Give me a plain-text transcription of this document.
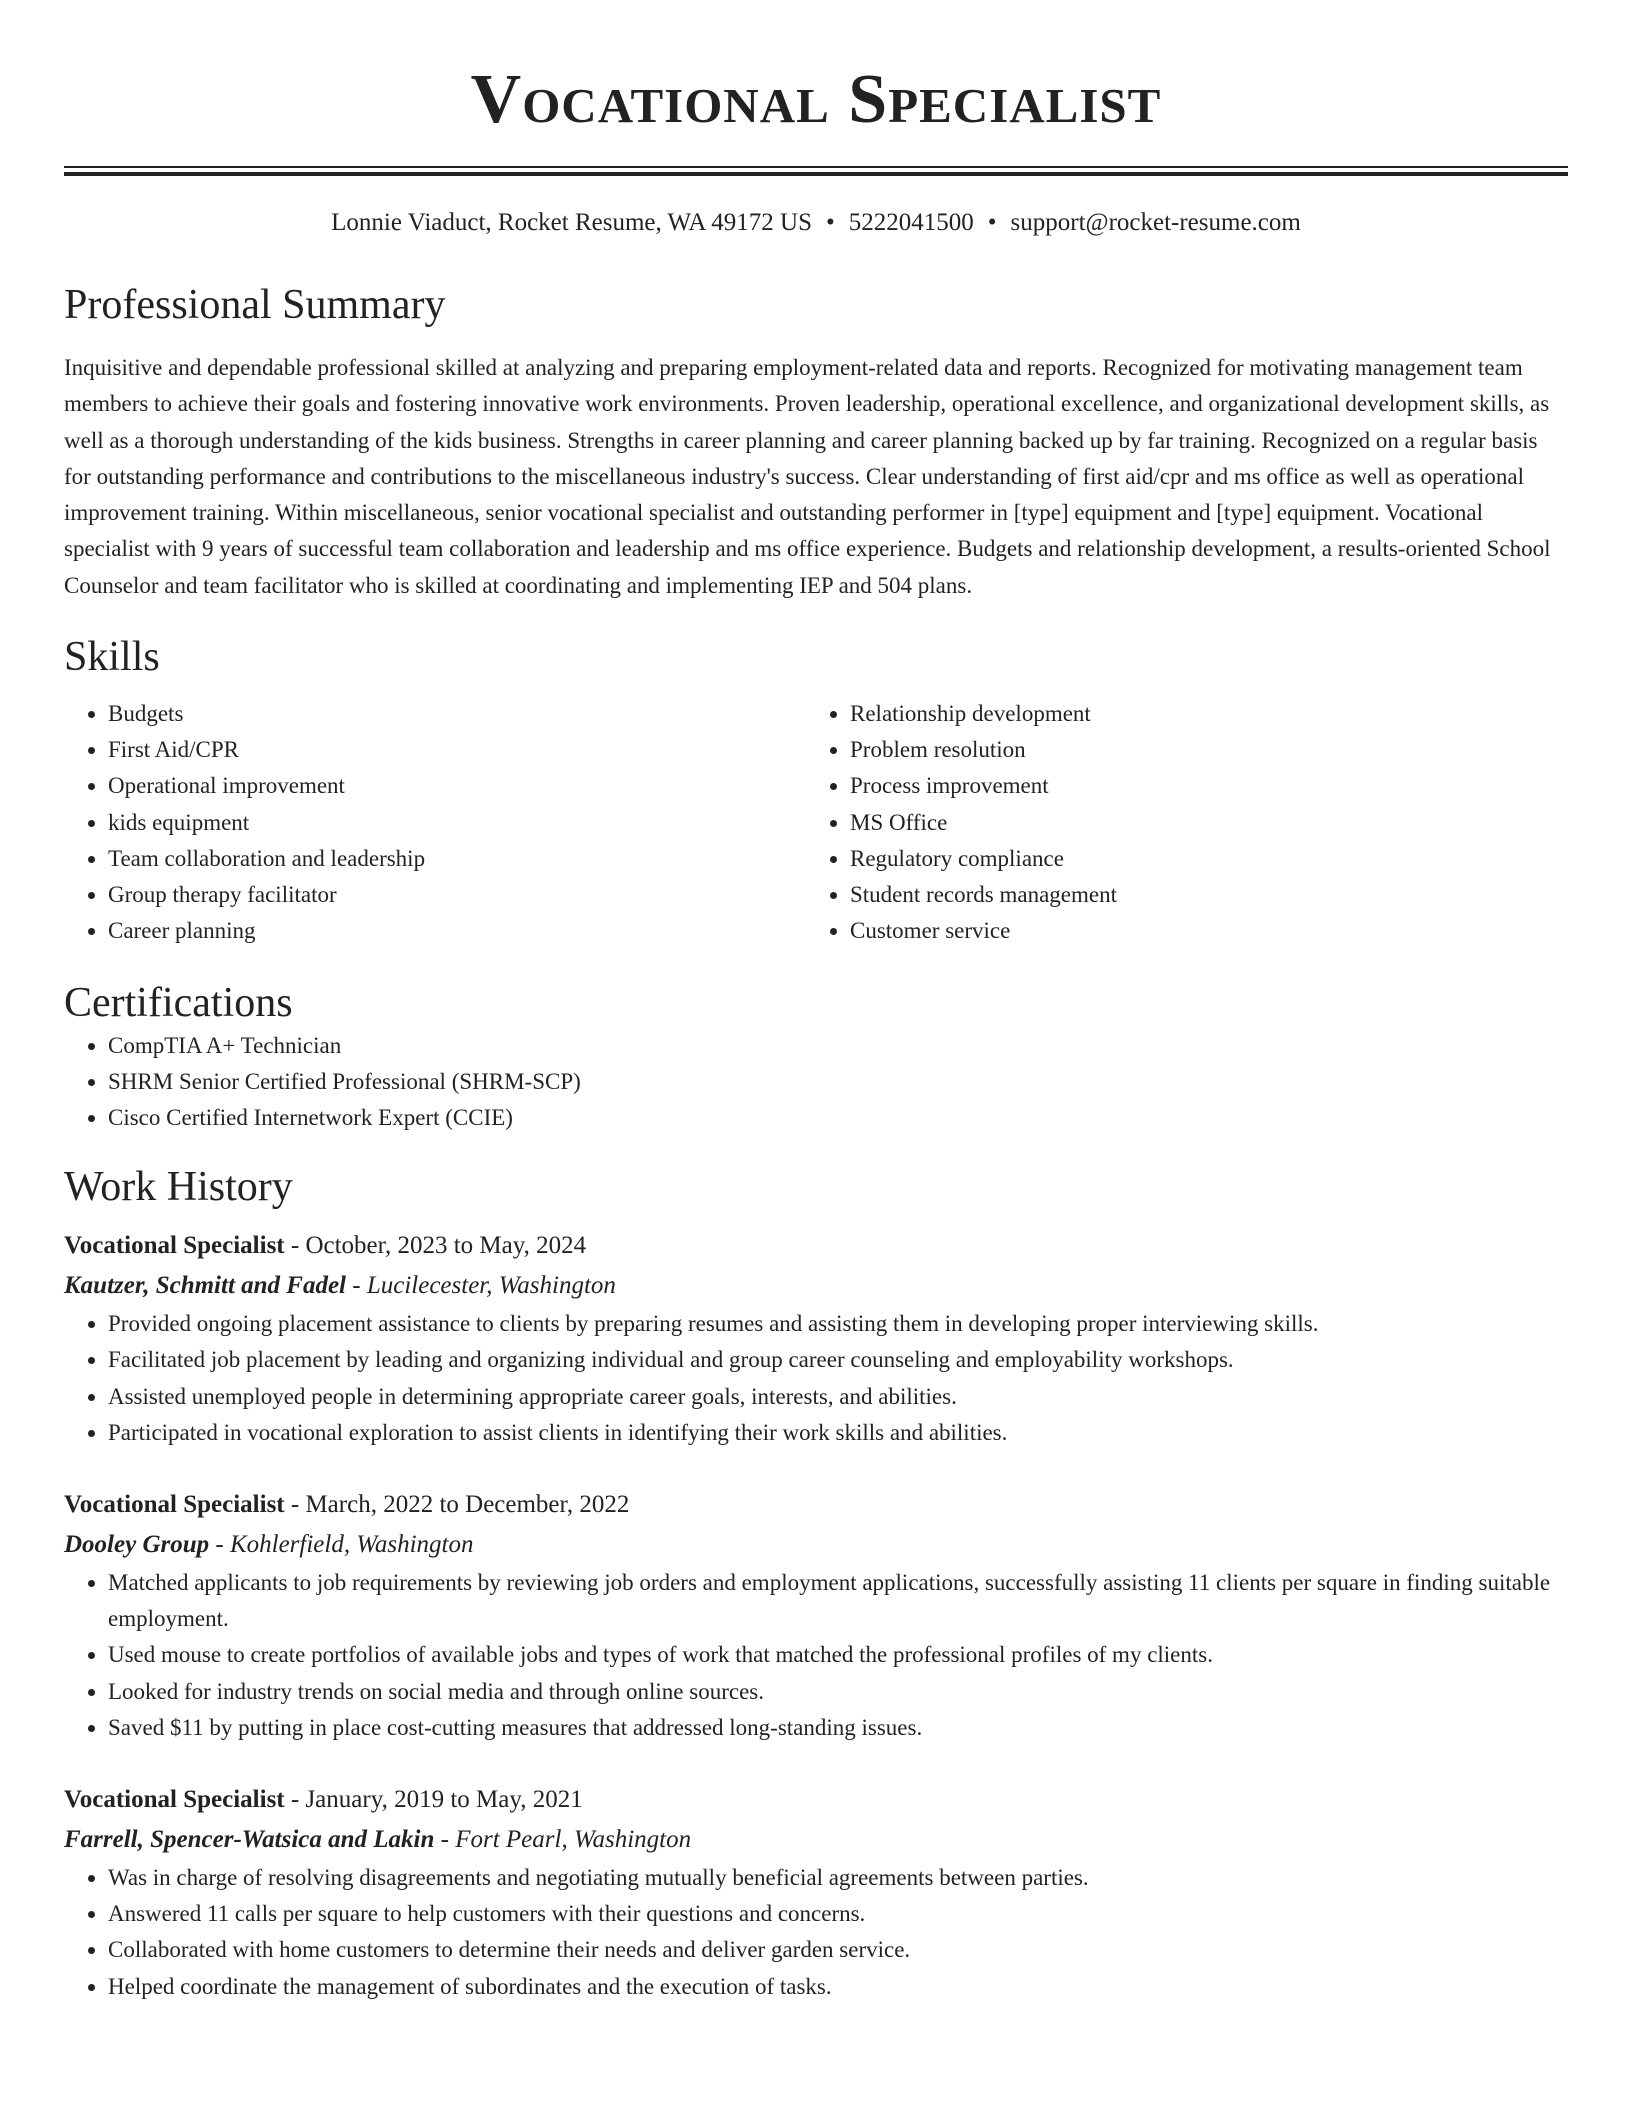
Vocational Specialist
Lonnie Viaduct, Rocket Resume, WA 49172 US • 5222041500 • support@rocket-resume.com
Professional Summary

Inquisitive and dependable professional skilled at analyzing and preparing employment-related data and reports. Recognized for motivating management team members to achieve their goals and fostering innovative work environments. Proven leadership, operational excellence, and organizational development skills, as well as a thorough understanding of the kids business. Strengths in career planning and career planning backed up by far training. Recognized on a regular basis for outstanding performance and contributions to the miscellaneous industry's success. Clear understanding of first aid/cpr and ms office as well as operational improvement training. Within miscellaneous, senior vocational specialist and outstanding performer in [type] equipment and [type] equipment. Vocational specialist with 9 years of successful team collaboration and leadership and ms office experience. Budgets and relationship development, a results-oriented School Counselor and team facilitator who is skilled at coordinating and implementing IEP and 504 plans.

Skills
• Budgets
• First Aid/CPR
• Operational improvement
• kids equipment
• Team collaboration and leadership
• Group therapy facilitator
• Career planning
• Relationship development
• Problem resolution
• Process improvement
• MS Office
• Regulatory compliance
• Student records management
• Customer service
Certifications
• CompTIA A+ Technician
• SHRM Senior Certified Professional (SHRM-SCP)
• Cisco Certified Internetwork Expert (CCIE)
Work History
Vocational Specialist - October, 2023 to May, 2024
Kautzer, Schmitt and Fadel - Lucilecester, Washington
• Provided ongoing placement assistance to clients by preparing resumes and assisting them in developing proper interviewing skills.
• Facilitated job placement by leading and organizing individual and group career counseling and employability workshops.
• Assisted unemployed people in determining appropriate career goals, interests, and abilities.
• Participated in vocational exploration to assist clients in identifying their work skills and abilities.
Vocational Specialist - March, 2022 to December, 2022
Dooley Group - Kohlerfield, Washington
• Matched applicants to job requirements by reviewing job orders and employment applications, successfully assisting 11 clients per square in finding suitable employment.
• Used mouse to create portfolios of available jobs and types of work that matched the professional profiles of my clients.
• Looked for industry trends on social media and through online sources.
• Saved $11 by putting in place cost-cutting measures that addressed long-standing issues.
Vocational Specialist - January, 2019 to May, 2021
Farrell, Spencer-Watsica and Lakin - Fort Pearl, Washington
• Was in charge of resolving disagreements and negotiating mutually beneficial agreements between parties.
• Answered 11 calls per square to help customers with their questions and concerns.
• Collaborated with home customers to determine their needs and deliver garden service.
• Helped coordinate the management of subordinates and the execution of tasks.
